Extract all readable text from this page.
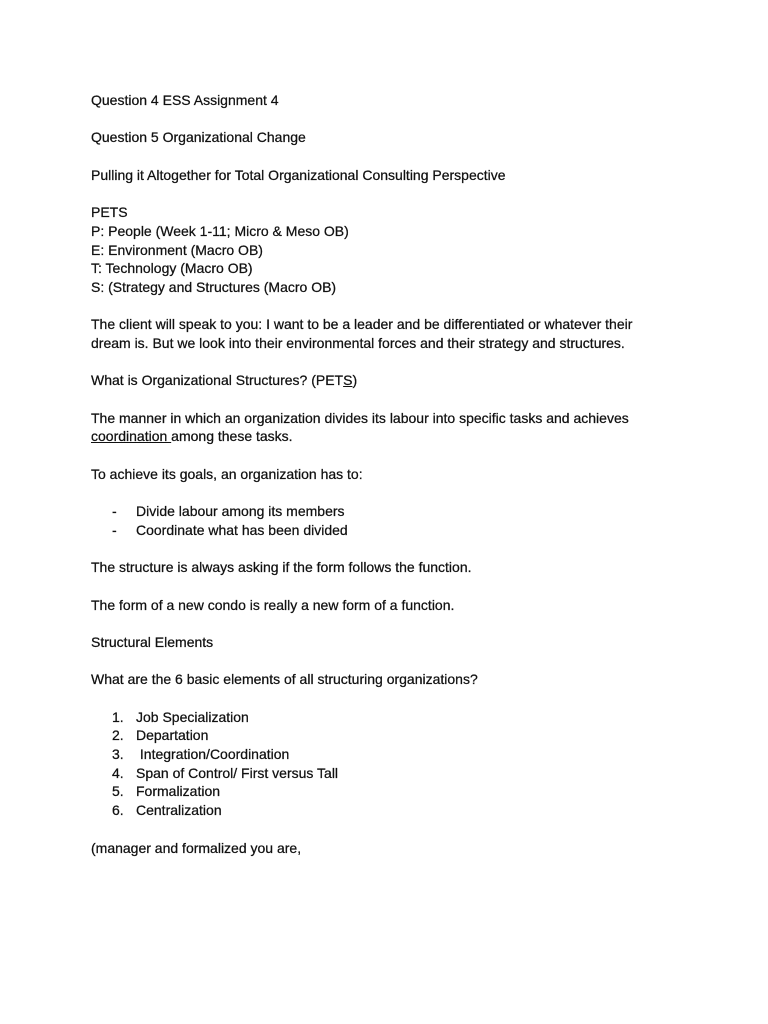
Question 4 ESS Assignment 4
Question 5 Organizational Change
Pulling it Altogether for Total Organizational Consulting Perspective
PETS
P: People (Week 1-11; Micro & Meso OB)
E: Environment (Macro OB)
T: Technology (Macro OB)
S: (Strategy and Structures (Macro OB)
The client will speak to you: I want to be a leader and be differentiated or whatever their
dream is. But we look into their environmental forces and their strategy and structures.
What is Organizational Structures? (PETS)
The manner in which an organization divides its labour into specific tasks and achieves
coordination among these tasks.
To achieve its goals, an organization has to:
- Divide labour among its members
- Coordinate what has been divided
The structure is always asking if the form follows the function.
The form of a new condo is really a new form of a function.
Structural Elements
What are the 6 basic elements of all structuring organizations?
1. Job Specialization
2. Departation
3. Integration/Coordination
4. Span of Control/ First versus Tall
5. Formalization
6. Centralization
(manager and formalized you are,
